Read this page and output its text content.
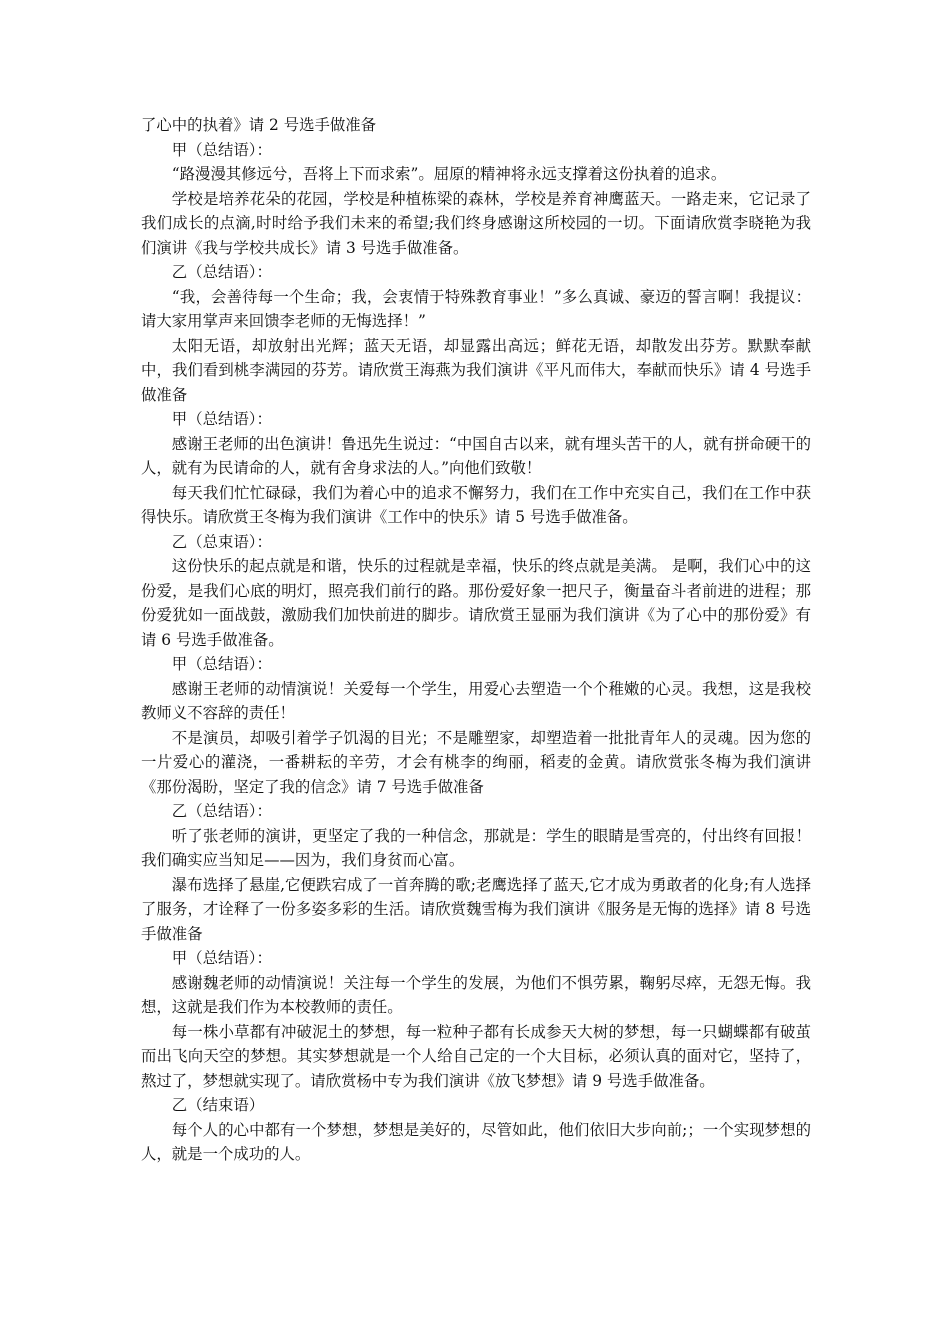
了心中的执着》请 2 号选手做准备

甲（总结语）：

“路漫漫其修远兮，吾将上下而求索”。屈原的精神将永远支撑着这份执着的追求。

学校是培养花朵的花园，学校是种植栋梁的森林，学校是养育神鹰蓝天。一路走来，它记录了我们成长的点滴,时时给予我们未来的希望;我们终身感谢这所校园的一切。下面请欣赏李晓艳为我们演讲《我与学校共成长》请 3 号选手做准备。

乙（总结语）：

“我，会善待每一个生命；我，会衷情于特殊教育事业！”多么真诚、豪迈的誓言啊！我提议：请大家用掌声来回馈李老师的无悔选择！”

太阳无语，却放射出光辉；蓝天无语，却显露出高远；鲜花无语，却散发出芬芳。默默奉献中，我们看到桃李满园的芬芳。请欣赏王海燕为我们演讲《平凡而伟大，奉献而快乐》请 4 号选手做准备

甲（总结语）：

感谢王老师的出色演讲！鲁迅先生说过：“中国自古以来，就有埋头苦干的人，就有拼命硬干的人，就有为民请命的人，就有舍身求法的人。”向他们致敬！

每天我们忙忙碌碌，我们为着心中的追求不懈努力，我们在工作中充实自己，我们在工作中获得快乐。请欣赏王冬梅为我们演讲《工作中的快乐》请 5 号选手做准备。

乙（总束语）：

这份快乐的起点就是和谐，快乐的过程就是幸福，快乐的终点就是美满。 是啊，我们心中的这份爱，是我们心底的明灯，照亮我们前行的路。那份爱好象一把尺子，衡量奋斗者前进的进程；那份爱犹如一面战鼓，激励我们加快前进的脚步。请欣赏王显丽为我们演讲《为了心中的那份爱》有请 6 号选手做准备。

甲（总结语）：

感谢王老师的动情演说！关爱每一个学生，用爱心去塑造一个个稚嫩的心灵。我想，这是我校教师义不容辞的责任！

不是演员，却吸引着学子饥渴的目光；不是雕塑家，却塑造着一批批青年人的灵魂。因为您的一片爱心的灌浇，一番耕耘的辛劳，才会有桃李的绚丽，稻麦的金黄。请欣赏张冬梅为我们演讲《那份渴盼，坚定了我的信念》请 7 号选手做准备

乙（总结语）：

听了张老师的演讲，更坚定了我的一种信念，那就是：学生的眼睛是雪亮的，付出终有回报！我们确实应当知足——因为，我们身贫而心富。

瀑布选择了悬崖,它便跌宕成了一首奔腾的歌;老鹰选择了蓝天,它才成为勇敢者的化身;有人选择了服务，才诠释了一份多姿多彩的生活。请欣赏魏雪梅为我们演讲《服务是无悔的选择》请 8 号选手做准备

甲（总结语）：

感谢魏老师的动情演说！关注每一个学生的发展，为他们不惧劳累，鞠躬尽瘁，无怨无悔。我想，这就是我们作为本校教师的责任。

每一株小草都有冲破泥土的梦想，每一粒种子都有长成参天大树的梦想，每一只蝴蝶都有破茧而出飞向天空的梦想。其实梦想就是一个人给自己定的一个大目标，必须认真的面对它，坚持了，熬过了，梦想就实现了。请欣赏杨中专为我们演讲《放飞梦想》请 9 号选手做准备。

乙（结束语）

每个人的心中都有一个梦想，梦想是美好的，尽管如此，他们依旧大步向前;；一个实现梦想的人，就是一个成功的人。
